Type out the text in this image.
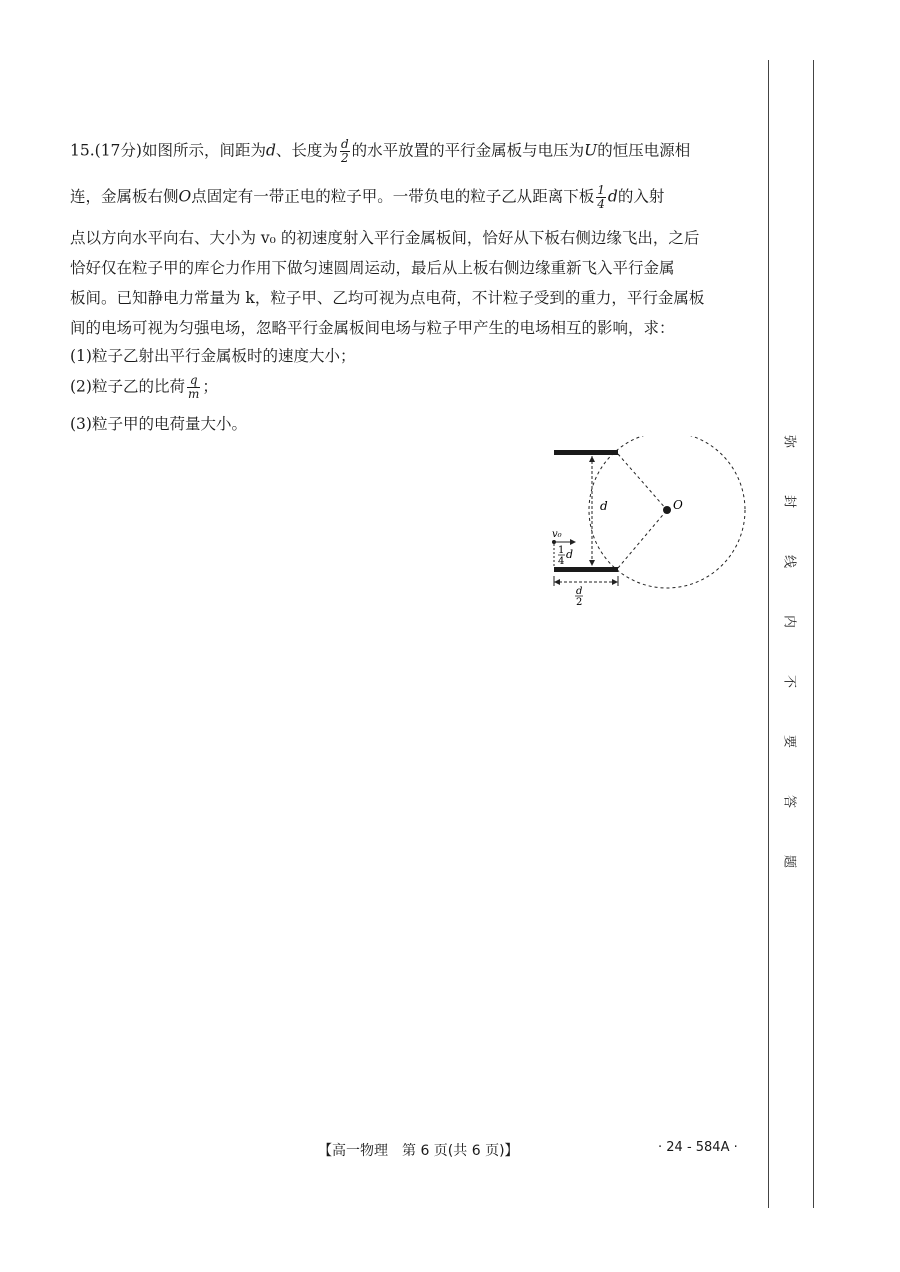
15.(17分)如图所示，间距为d、长度为 $\frac{d}{2}$ 的水平放置的平行金属板与电压为U的恒压电源相
连，金属板右侧O点固定有一带正电的粒子甲。一带负电的粒子乙从距离下板 $\frac{1}{4}$ d的入射
点以方向水平向右、大小为 v₀ 的初速度射入平行金属板间，恰好从下板右侧边缘飞出，之后
恰好仅在粒子甲的库仑力作用下做匀速圆周运动，最后从上板右侧边缘重新飞入平行金属
板间。已知静电力常量为 k，粒子甲、乙均可视为点电荷，不计粒子受到的重力，平行金属板
间的电场可视为匀强电场，忽略平行金属板间电场与粒子甲产生的电场相互的影响，求：
(1)粒子乙射出平行金属板时的速度大小；
(2)粒子乙的比荷 $\frac{q}{m}$ ；
(3)粒子甲的电荷量大小。
O
d
v₀
1
4
d
d
2
弥
封
线
内
不
要
答
题
【高一物理　第 6 页(共 6 页)】	· 24 - 584A ·
